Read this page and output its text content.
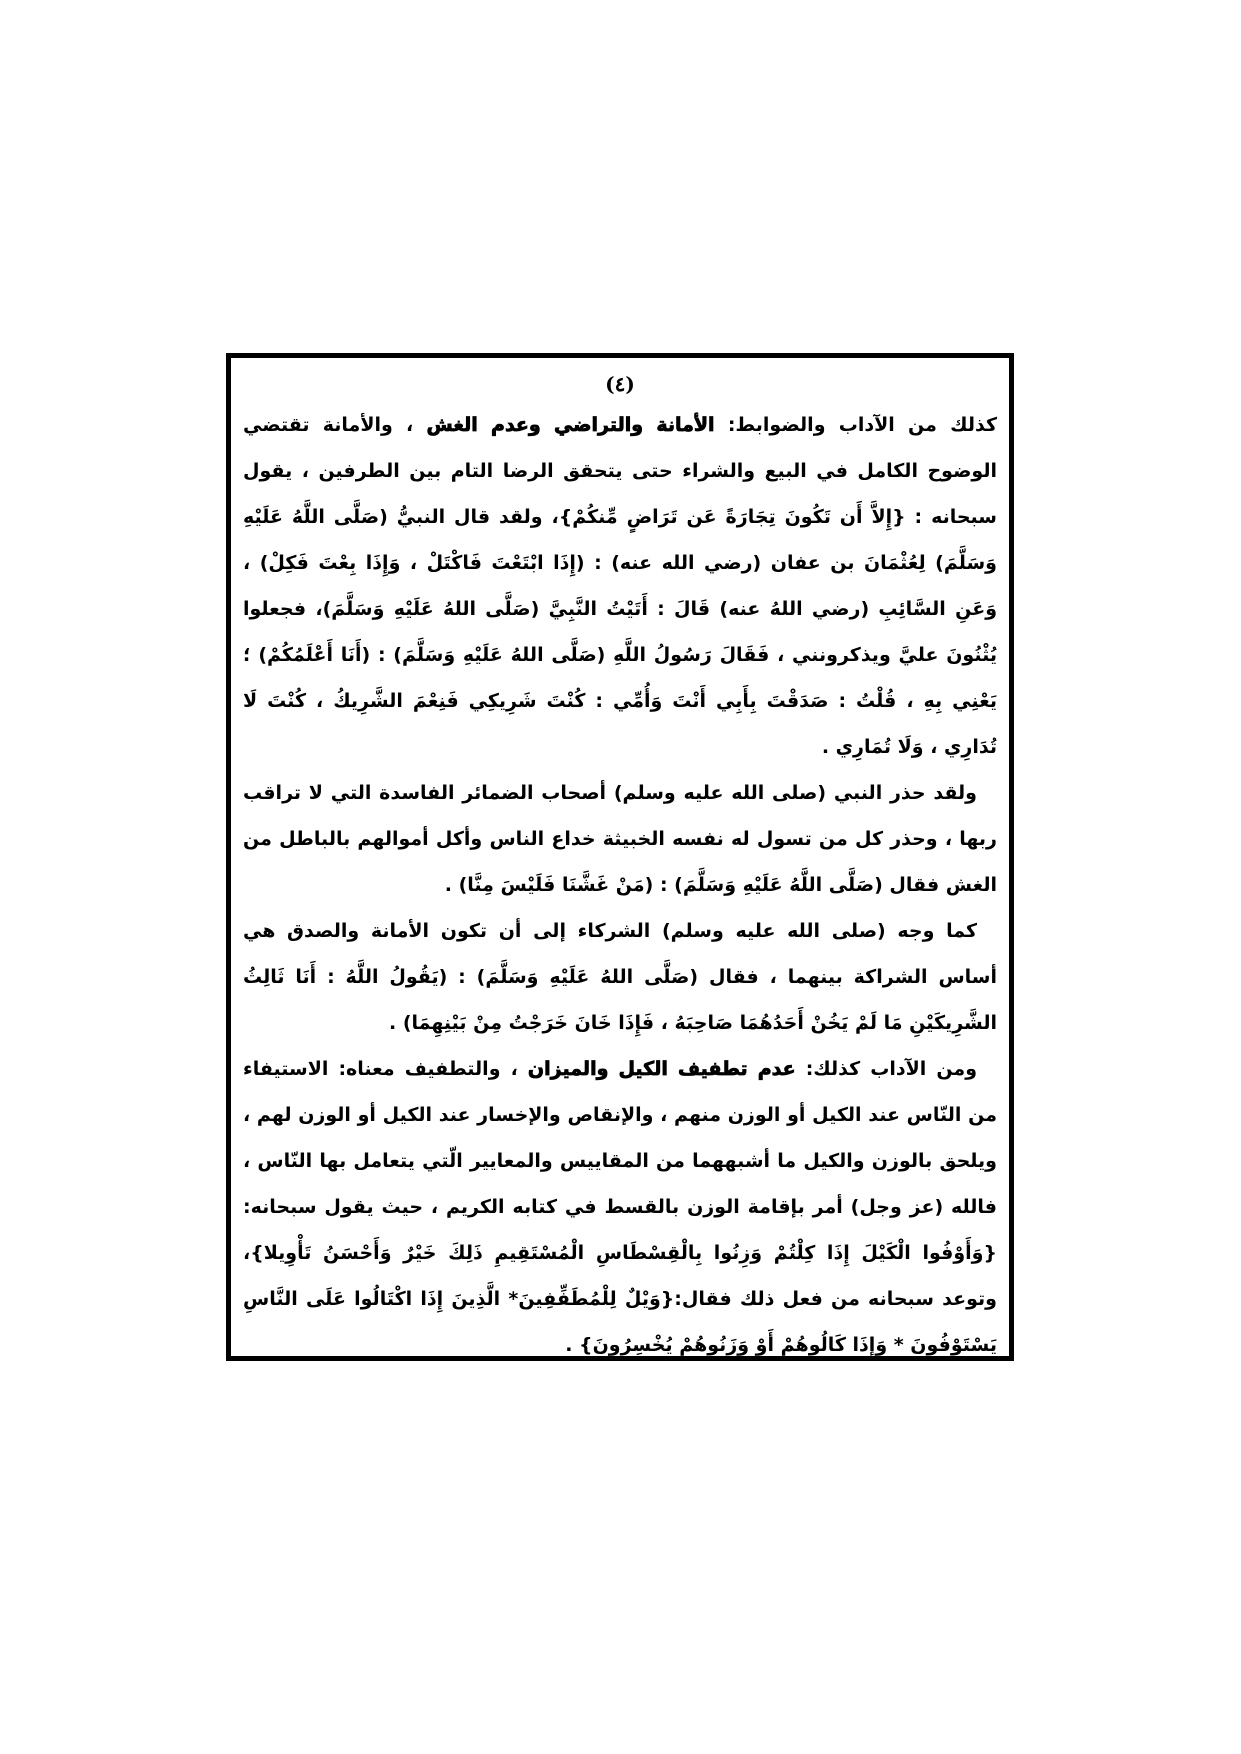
(٤)

كذلك من الآداب والضوابط: الأمانة والتراضي وعدم الغش ، والأمانة تقتضي الوضوح الكامل في البيع والشراء حتى يتحقق الرضا التام بين الطرفين ، يقول سبحانه : {إِلاَّ أَن تَكُونَ تِجَارَةً عَن تَرَاضٍ مِّنكُمْ}، ولقد قال النبيُّ (صَلَّى اللَّهُ عَلَيْهِ وَسَلَّمَ) لِعُثْمَانَ بن عفان (رضي الله عنه) : (إِذَا ابْتَعْتَ فَاكْتَلْ ، وَإِذَا بِعْتَ فَكِلْ) ، وَعَنِ السَّائِبِ (رضي اللهُ عنه) قَالَ : أَتَيْتُ النَّبِيَّ (صَلَّى اللهُ عَلَيْهِ وَسَلَّمَ)، فجعلوا يُثْنُونَ عليَّ ويذكرونني ، فَقَالَ رَسُولُ اللَّهِ (صَلَّى اللهُ عَلَيْهِ وَسَلَّمَ) : (أَنَا أَعْلَمُكُمْ) ؛ يَعْنِي بِهِ ، قُلْتُ : صَدَقْتَ بِأَبِي أَنْتَ وَأُمِّي : كُنْتَ شَرِيكِي فَنِعْمَ الشَّرِيكُ ، كُنْتَ لَا تُدَارِي ، وَلَا تُمَارِي .

ولقد حذر النبي (صلى الله عليه وسلم) أصحاب الضمائر الفاسدة التي لا تراقب ربها ، وحذر كل من تسول له نفسه الخبيثة خداع الناس وأكل أموالهم بالباطل من الغش فقال (صَلَّى اللَّهُ عَلَيْهِ وَسَلَّمَ) : (مَنْ غَشَّنَا فَلَيْسَ مِنَّا) .

كما وجه (صلى الله عليه وسلم) الشركاء إلى أن تكون الأمانة والصدق هي أساس الشراكة بينهما ، فقال (صَلَّى اللهُ عَلَيْهِ وَسَلَّمَ) : (يَقُولُ اللَّهُ : أَنَا ثَالِثُ الشَّرِيكَيْنِ مَا لَمْ يَخُنْ أَحَدُهُمَا صَاحِبَهُ ، فَإِذَا خَانَ خَرَجْتُ مِنْ بَيْنِهِمَا) .

ومن الآداب كذلك: عدم تطفيف الكيل والميزان ، والتطفيف معناه: الاستيفاء من النّاس عند الكيل أو الوزن منهم ، والإنقاص والإخسار عند الكيل أو الوزن لهم ، ويلحق بالوزن والكيل ما أشبههما من المقاييس والمعايير الّتي يتعامل بها النّاس ، فالله (عز وجل) أمر بإقامة الوزن بالقسط في كتابه الكريم ، حيث يقول سبحانه: {وَأَوْفُوا الْكَيْلَ إِذَا كِلْتُمْ وَزِنُوا بِالْقِسْطَاسِ الْمُسْتَقِيمِ ذَلِكَ خَيْرٌ وَأَحْسَنُ تَأْوِيلا}، وتوعد سبحانه من فعل ذلك فقال:{وَيْلٌ لِلْمُطَفِّفِينَ* الَّذِينَ إِذَا اكْتَالُوا عَلَى النَّاسِ يَسْتَوْفُونَ * وَإِذَا كَالُوهُمْ أَوْ وَزَنُوهُمْ يُخْسِرُونَ} .
